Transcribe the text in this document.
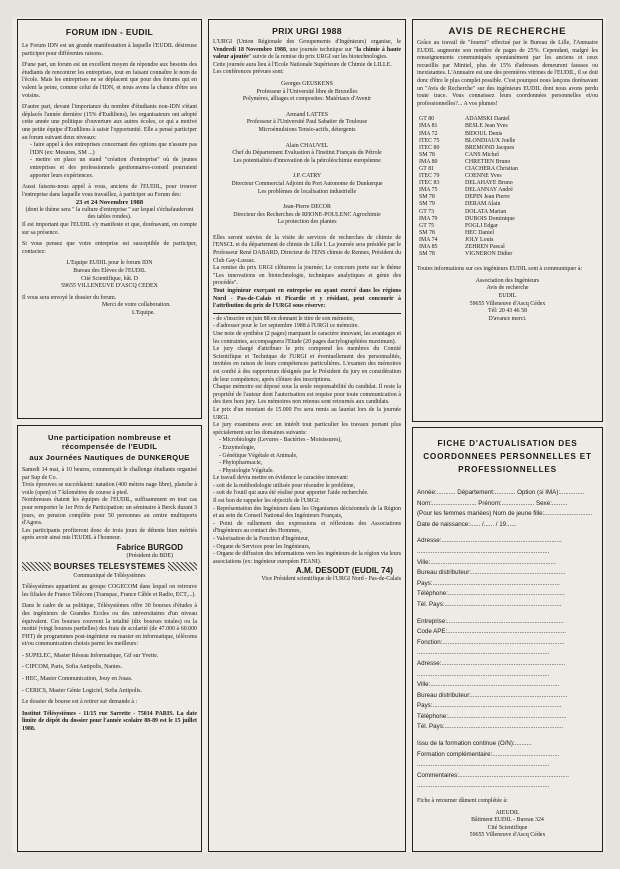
FORUM IDN - EUDIL

Le Forum IDN est un grande manifestation à laquelle l'EUDIL désireuse participer pour différentes raisons.

D'une part, un forum est un excellent moyen de répondre aux besoins des étudiants de rencontrer les entreprises, tout en faisant connaître le nom de l'école. Mais les entreprises ne se déplacent que pour des forums qui en valent la peine, comme celui de l'IDN, et nous avons la chance d'être ses voisins.

D'autre part, devant l'importance du nombre d'étudiants non-IDN s'étant déplacés l'année dernière (15% d'Eudiliens), les organisateurs ont adopté cette année une politique d'ouverture aux autres écoles, ce qui a motivé une petite équipe d'Eudiliens à saisir l'opportunité. Elle a pensé participer au forum suivant deux niveaux:

- faire appel à des entreprises concernant des options que n'assure pas l'IDN (ex: Mesures, SM ...)

- mettre en place un stand "création d'entreprise" où de jeunes entreprises et des professionnels gestionnaires-conseil pourraient apporter leurs expériences.

Aussi faisons-nous appel à vous, anciens de l'EUDIL, pour trouver l'entreprise dans laquelle vous travaillez, à participer au Forum des:

23 et 24 Novembre 1988

(dont le thème sera " la culture d'entreprise " sur lequel s'échafauderont des tables rondes).

Il est important que l'EUDIL s'y manifeste et que, dorénavant, on compte sur sa présence.

Si vous pensez que votre entreprise est susceptible de participer, contactez:

L'Equipe EUDIL pour le forum IDN

Bureau des Elèves de l'EUDIL

Cité Scientifique, bât. D

59655 VILLENEUVE D'ASCQ CEDEX

Il vous sera envoyé le dossier du forum.

Merci de votre collaboration.

L'Equipe.

Une participation nombreuse et récompensée de l'EUDIL

aux Journées Nautiques de DUNKERQUE

Samedi 14 mai, à 10 heures, commençait le challenge étudiants organisé par Sup de Co.

Trois épreuves se succédaient: natation (400 mètres nage libre), planche à voile (open) et 7 kilomètres de course à pied.

Nombreuses étaient les équipes de l'EUDIL, suffisamment en tout cas pour remporter le 1er Prix de Participation: un séminaire à Berck durant 3 jours, en pension complète pour 50 personnes au centre multisports d'Agora.

Les participants profiteront donc de trois jours de détente bien mérités après avoir ainsi mis l'EUDIL à l'honneur.

Fabrice BURGOD

(Président du BDE)

BOURSES TELESYSTEMES

Communiqué de Télésystèmes

Télésystèmes appartient au groupe COGECOM dans lequel on retrouve les filiales de France Télécom (Transpac, France Câble et Radio, ECT,...).

Dans le cadre de sa politique, Télésystèmes offre 30 bourses d'études à des ingénieurs de Grandes Ecoles ou des universitaires d'un niveau équivalent. Ces bourses couvrent la totalité (dix bourses totales) ou la moitié (vingt bourses partielles) des frais de scolarité (de 47.000 à 60.000 FHT) de programmes post-ingénieur ou master en informatique, télécoms et/ou communication choisis parmi les meilleurs:

- SUPELEC, Master Réseau Informatique, Gif sur Yvette.

- CIPCOM, Paris, Sofia Antipolis, Nantes.

- HEC, Master Communication, Jouy en Josas.

- CERICS, Master Génie Logiciel, Sofia Antipolis.

Le dossier de bourse est à retirer sur demande à :

Institut Télésystèmes - 11/15 rue Sarrette - 75014 PARIS. La date limite de dépôt du dossier pour l'année scolaire 88-89 est le 15 juillet 1988.

PRIX URGI 1988

L'URGI (Union Régionale des Groupements d'Ingénieurs) organise, le Vendredi 18 Novembre 1988, une journée technique sur "la chimie à haute valeur ajoutée" suivie de la remise du prix URGI sur les biotechnologies.

Cette journée aura lieu à l'Ecole Nationale Supérieure de Chimie de LILLE.

Les conférences prévues sont:

Georges GEUSKENS

Professeur à l'Université libre de Bruxelles

Polymères, alliages et composites: Matériaux d'Avenir

Armand LATTES

Professeur à l'Université Paul Sabatier de Toulouse

Microémulsions Tensio-actifs, détergents

Alain CHAUVEL

Chef du Département Evaluation à l'Institut Français du Pétrole

Les potentialités d'innovation de la pétroléochimie européenne

J.P. CATRY

Directeur Commercial Adjoint du Port Autonome de Dunkerque

Les problèmes de localisation industrielle

Jean-Pierre DECOR

Directeur des Recherches de RHONE-POULENC Agrochimie

La protection des plantes

Elles seront suivies de la visite de services de recherches de chimie de l'ENSCL et du département de chimie de Lille I. La journée sera présidée par le Professeur René DABARD, Directeur de l'ENS chimie de Rennes, Président du Club Gay-Lussac.

La remise du prix URGI clôturera la journée; Le concours porte sur le thème "Les innovations en biotechnologie, techniques analytiques et génie des procédés".

Tout ingénieur exerçant en entreprise ou ayant exercé dans les régions Nord - Pas-de-Calais et Picardie et y résidant, peut concourir à l'attribution du prix de l'URGI sous réserve:

- de s'inscrire en juin 88 en donnant le titre de son mémoire,

- d'adresser pour le 1er septembre 1988 à l'URGI ce mémoire.

Une note de synthèse (2 pages) marquant le caractère innovant, les avantages et les contraintes, accompagnera l'Etude (20 pages dactylographiées maximum).

Le jury chargé d'attribuer le prix comprend les membres du Comité Scientifique et Technique de l'URGI et éventuellement des personnalités, invitées en raison de leurs compétences particulières. L'examen des mémoires est confié à des rapporteurs désignés par le Président du jury en considération de leur compétence, après clôture des inscriptions.

Chaque mémoire est déposé sous la seule responsabilité du candidat. Il reste la propriété de l'auteur dont l'autorisation est requise pour toute communication à des tiers hors jury. Les mémoires non retenus sont retournés aux candidats.

Le prix d'un montant de 15.000 Frs sera remis au lauréat lors de la journée URGI.

Le jury examinera avec un intérêt tout particulier les travaux portant plus spécialement sur les domaines suivants:

- Microbiologie (Levures - Bactéries - Moisissures),

- Enzymologie,

- Génétique Végétale et Animale,

- Phytopharmacie,

- Physiologie Végétale.

Le travail devra mettre en évidence le caractère innovant:

- soit de la méthodologie utilisée pour résoudre le problème,

- soit de l'outil qui aura été réalisé pour apporter l'aide recherchée.

Il est bon de rappeler les objectifs de l'URGI:

- Représentation des Ingénieurs dans les Organismes décisionnels de la Région et au sein du Conseil National des Ingénieurs Français,

- Point de ralliement des expressions et réflexions des Associations d'Ingénieurs au contact des Hommes,

- Valorisation de la Fonction d'Ingénieur,

- Organe de Services pour les Ingénieurs,

- Organe de diffusion des informations vers les ingénieurs de la région via leurs associations (ex: ingénieur européen FEANI).

A.M. DESODT (EUDIL 74)

Vice Président scientifique de l'URGI Nord - Pas-de-Calais

AVIS DE RECHERCHE

Grâce au travail de "fourmi" effectué par le Bureau de Lille, l'Annuaire EUDIL augmente son nombre de pages de 25%. Cependant, malgré les renseignements communiqués spontanément par les anciens et ceux recueillis par Minitel, plus de 15% d'adresses demeurent fausses ou inexistantes. L'Annuaire est une des premières vitrines de l'EUDIL, il se doit donc d'être le plus complet possible. C'est pourquoi nous lançons dorénavant un "Avis de Recherche" sur des ingénieurs EUDIL dont nous avons perdu toute trace. Vous connaissez leurs coordonnées personnelles et/ou professionnelles?... A vos plumes!

GT 80	ADAMSKI Daniel
IMA 81	BESLE Jean Yves
IMA 72	BIDOUL Denis
ITEC 75	BLONDIAUX Joelle
ITEC 80	BREMOND Jacques
SM 78	CANS Michel
IMA 80	CHRETIEN Bruno
GT 81	CIACHERA Christian
ITEC 79	COENNE Yves
ITEC 83	DELAHAYE Bruno
IMA 75	DELANNAY André
SM 78	DEPIN Jean Pierre
SM 79	DERAM Alain
GT 73	DOLATA Marian
IMA 79	DUBOIS Dominique
GT 75	FOGLI Edgar
SM 78	HEC Daniel
IMA 74	JOLY Louis
IMA 85	ZEHREN Pascal
SM 78	VIGNERON Didier

Toutes informations sur ces ingénieurs EUDIL sont à communiquer à:

Association des Ingénieurs

Avis de recherche

EUDIL

59655 Villeneuve d'Ascq Cédex

Tél: 20 43 46 58

D'avance merci.

FICHE D'ACTUALISATION DES COORDONNEES PERSONNELLES ET PROFESSIONNELLES

Année:........... Département:............ Option (si IMA):..............

Nom:.......................... Prénom:................... Sexe:.........

(Pour les femmes mariées) Nom de jeune fille:............................

Date de naissance:...... /...... / 19......

Adresse:......................................................................

.............................................................................

Ville:.........................................................................

Bureau distributeur:.......................................................

Pays:..........................................................................

Téléphone:....................................................................

Tél. Pays:....................................................................

Entreprise:....................................................................

Code APE:.....................................................................

Fonction:.......................................................................

.............................................................................

Adresse:........................................................................

.............................................................................

Ville:...........................................................................

Bureau distributeur:........................................................

Pays:...........................................................................

Téléphone:.....................................................................

Tél. Pays:.....................................................................

Issu de la formation continue (O/N):..........

Formation complémentaire:.......................................

.............................................................................

Commentaires:................................................................

.............................................................................

Fiche à retourner dûment complétée à:

AIEUDIL

Bâtiment EUDIL - Bureau 324

Cité Scientifique

59655 Villeneuve d'Ascq Cédex
